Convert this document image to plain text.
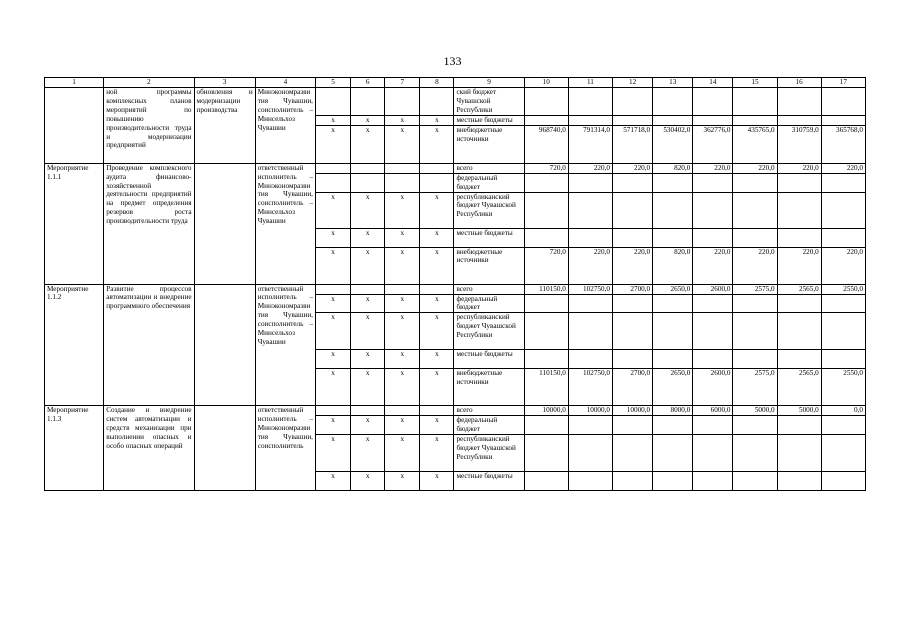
133
1	2	3	4	5	6	7	8	9	10	11	12	13	14	15	16	17
	ной программы комплексных планов мероприятий по повышению производительности труда и модернизации предприятий	обновления и модернизации производства	Минэкономразвития Чувашии, соисполнитель – Минсельхоз Чувашии					ский бюджет Чувашской Республики								
				x	x	x	x	местные бюджеты								
				x	x	x	x	внебюджетные источники	968740,0	791314,0	571718,0	530402,0	362776,0	435765,0	310759,0	365768,0
Мероприятие 1.1.1	Проведение комплексного аудита финансово-хозяйственной деятельности предприятий на предмет определения резервов роста производительности труда		ответственный исполнитель – Минэкономразвития Чувашии, соисполнитель – Минсельхоз Чувашии					всего	720,0	220,0	220,0	820,0	220,0	220,0	220,0	220,0
								федеральный бюджет								
				x	x	x	x	республиканский бюджет Чувашской Республики								
				x	x	x	x	местные бюджеты								
				x	x	x	x	внебюджетные источники	720,0	220,0	220,0	820,0	220,0	220,0	220,0	220,0
Мероприятие 1.1.2	Развитие процессов автоматизации и внедрение программного обеспечения		ответственный исполнитель – Минэкономразвития Чувашии, соисполнитель – Минсельхоз Чувашии					всего	110150,0	102750,0	2700,0	2650,0	2600,0	2575,0	2565,0	2550,0
				x	x	x	x	федеральный бюджет								
				x	x	x	x	республиканский бюджет Чувашской Республики								
				x	x	x	x	местные бюджеты								
				x	x	x	x	внебюджетные источники	110150,0	102750,0	2700,0	2650,0	2600,0	2575,0	2565,0	2550,0
Мероприятие 1.1.3	Создание и внедрение систем автоматизации и средств механизации при выполнении опасных и особо опасных операций		ответственный исполнитель – Минэкономразвития Чувашии, соисполнитель					всего	10000,0	10000,0	10000,0	8000,0	6000,0	5000,0	5000,0	0,0
				x	x	x	x	федеральный бюджет								
				x	x	x	x	республиканский бюджет Чувашской Республики								
				x	x	x	x	местные бюджеты								
